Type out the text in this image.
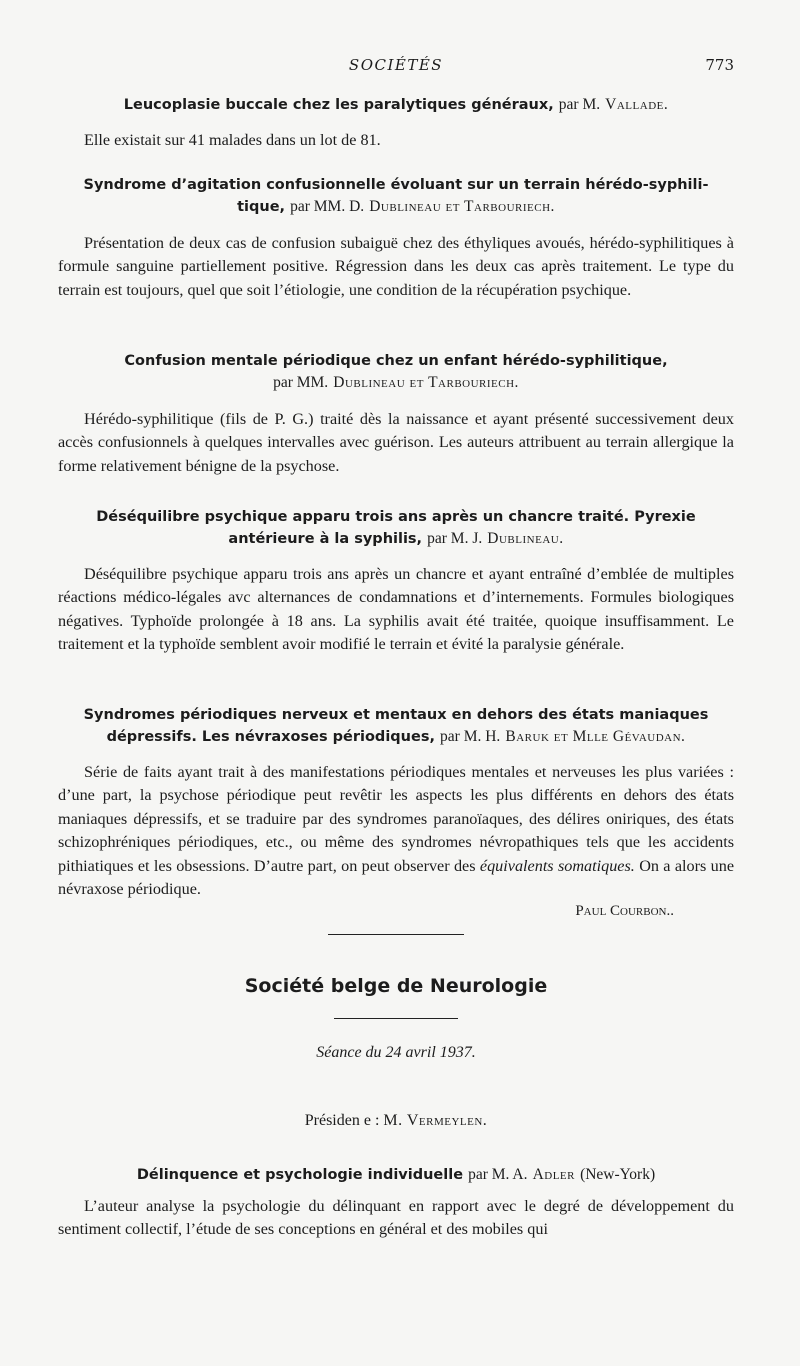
SOCIÉTÉS	773

Leucoplasie buccale chez les paralytiques généraux, par M. Vallade.

Elle existait sur 41 malades dans un lot de 81.

Syndrome d’agitation confusionnelle évoluant sur un terrain hérédo-syphili-
tique, par MM. D. Dublineau et Tarbouriech.

Présentation de deux cas de confusion subaiguë chez des éthyliques avoués, hérédo-syphilitiques à formule sanguine partiellement positive. Régression dans les deux cas après traitement. Le type du terrain est toujours, quel que soit l’étiologie, une condition de la récupération psychique.

Confusion mentale périodique chez un enfant hérédo-syphilitique,
par MM. Dublineau et Tarbouriech.

Hérédo-syphilitique (fils de P. G.) traité dès la naissance et ayant présenté successivement deux accès confusionnels à quelques intervalles avec guérison. Les auteurs attribuent au terrain allergique la forme relativement bénigne de la psychose.

Déséquilibre psychique apparu trois ans après un chancre traité. Pyrexie
antérieure à la syphilis, par M. J. Dublineau.

Déséquilibre psychique apparu trois ans après un chancre et ayant entraîné d’emblée de multiples réactions médico-légales avc alternances de condamnations et d’internements. Formules biologiques négatives. Typhoïde prolongée à 18 ans. La syphilis avait été traitée, quoique insuffisamment. Le traitement et la typhoïde semblent avoir modifié le terrain et évité la paralysie générale.

Syndromes périodiques nerveux et mentaux en dehors des états maniaques
dépressifs. Les névraxoses périodiques, par M. H. Baruk et Mlle Gévaudan.

Série de faits ayant trait à des manifestations périodiques mentales et nerveuses les plus variées : d’une part, la psychose périodique peut revêtir les aspects les plus différents en dehors des états maniaques dépressifs, et se traduire par des syndromes paranoïaques, des délires oniriques, des états schizophréniques périodiques, etc., ou même des syndromes névropathiques tels que les accidents pithiatiques et les obsessions. D’autre part, on peut observer des équivalents somatiques. On a alors une névraxose périodique.

Paul Courbon..

Société belge de Neurologie

Séance du 24 avril 1937.

Présiden e : M. Vermeylen.

Délinquence et psychologie individuelle par M. A. Adler (New-York)

L’auteur analyse la psychologie du délinquant en rapport avec le degré de développement du sentiment collectif, l’étude de ses conceptions en général et des mobiles qui
